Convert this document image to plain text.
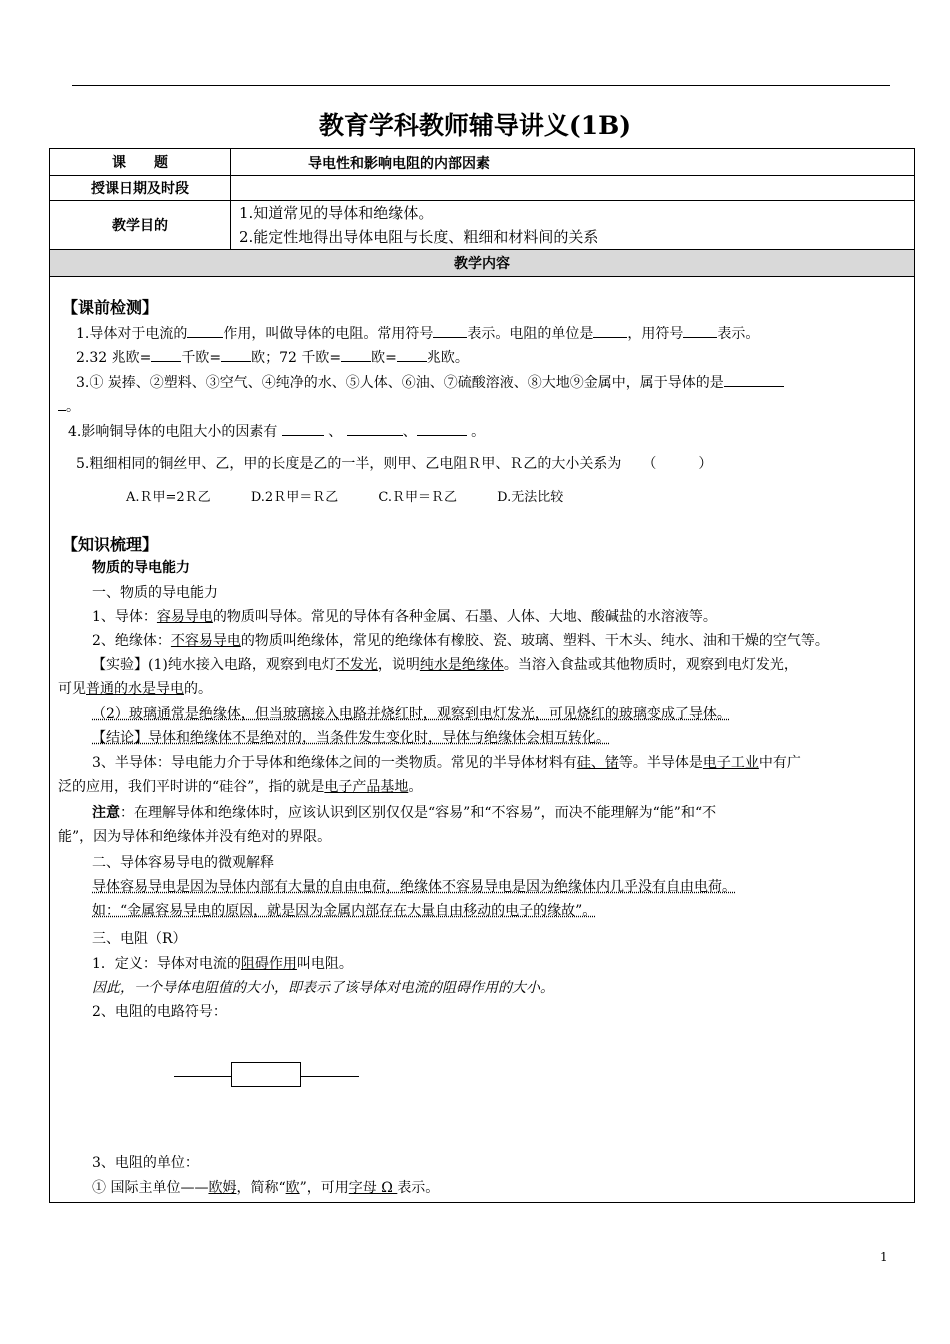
教育学科教师辅导讲义(1B)
课　　题	导电性和影响电阻的内部因素
授课日期及时段
教学目的
1.知道常见的导体和绝缘体。
2.能定性地得出导体电阻与长度、粗细和材料间的关系
教学内容
【课前检测】
1.导体对于电流的	作用，叫做导体的电阻。常用符号 表示。电阻的单位是 ，用符号 表示。
2.32 兆欧= 千欧= 欧；72 千欧= 欧= 兆欧。
3.① 炭捧、②塑料、③空气、④纯净的水、⑤人体、⑥油、⑦硫酸溶液、⑧大地⑨金属中，属于导体的是
。
4.影响铜导体的电阻大小的因素有	、	、	。
5.粗细相同的铜丝甲、乙，甲的长度是乙的一半，则甲、乙电阻Ｒ甲、Ｒ乙的大小关系为　　（　　　）
A.Ｒ甲=2Ｒ乙	D.2Ｒ甲＝Ｒ乙	C.Ｒ甲＝Ｒ乙	D.无法比较
【知识梳理】
物质的导电能力
一、物质的导电能力
1、导体：容易导电的物质叫导体。常见的导体有各种金属、石墨、人体、大地、酸碱盐的水溶液等。
2、绝缘体：不容易导电的物质叫绝缘体，常见的绝缘体有橡胶、瓷、玻璃、塑料、干木头、纯水、油和干燥的空气等。
【实验】(1)纯水接入电路，观察到电灯不发光，说明纯水是绝缘体。当溶入食盐或其他物质时，观察到电灯发光，
可见普通的水是导电的。
（2）玻璃通常是绝缘体，但当玻璃接入电路并烧红时，观察到电灯发光，可见烧红的玻璃变成了导体。
【结论】导体和绝缘体不是绝对的，当条件发生变化时，导体与绝缘体会相互转化。
3、半导体：导电能力介于导体和绝缘体之间的一类物质。常见的半导体材料有硅、锗等。半导体是电子工业中有广
泛的应用，我们平时讲的“硅谷”，指的就是电子产品基地。
注意：在理解导体和绝缘体时，应该认识到区别仅仅是“容易”和“不容易”，而决不能理解为“能”和“不
能”，因为导体和绝缘体并没有绝对的界限。
二、导体容易导电的微观解释
导体容易导电是因为导体内部有大量的自由电荷，绝缘体不容易导电是因为绝缘体内几乎没有自由电荷。
如：“金属容易导电的原因，就是因为金属内部存在大量自由移动的电子的缘故”。
三、电阻（R）
1．定义：导体对电流的阻碍作用叫电阻。
因此，一个导体电阻值的大小，即表示了该导体对电流的阻碍作用的大小。
2、电阻的电路符号：
3、电阻的单位：
① 国际主单位——欧姆，简称“欧”，可用字母 Ω 表示。
1
